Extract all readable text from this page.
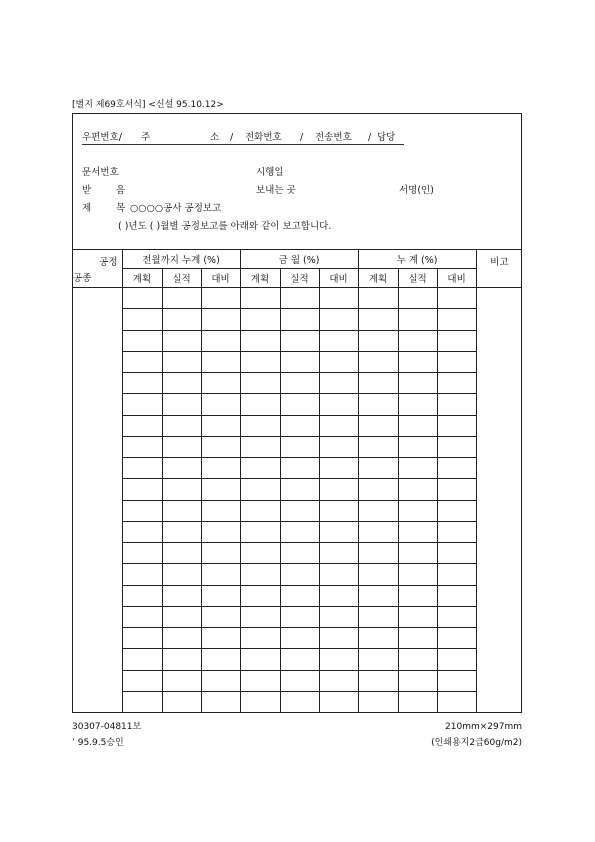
[별지 제69호서식] <신설 95.10.12>
우편번호/ 주	소 / 전화번호 / 전송번호 / 담당
문서번호	시행일
받	음	보내는 곳	서명(인)
제	목 ○○○○공사 공정보고
( )년도 ( )월별 공정보고를 아래와 같이 보고합니다.
공정
공종	전월까지 누계 (%)			금 월 (%)			누 계 (%)			비고
	계획	실적	대비	계획	실적	대비	계획	실적	대비	

30307-04811보
’ 95.9.5승인
210mm×297mm
(인쇄용지2급60g/m2)
